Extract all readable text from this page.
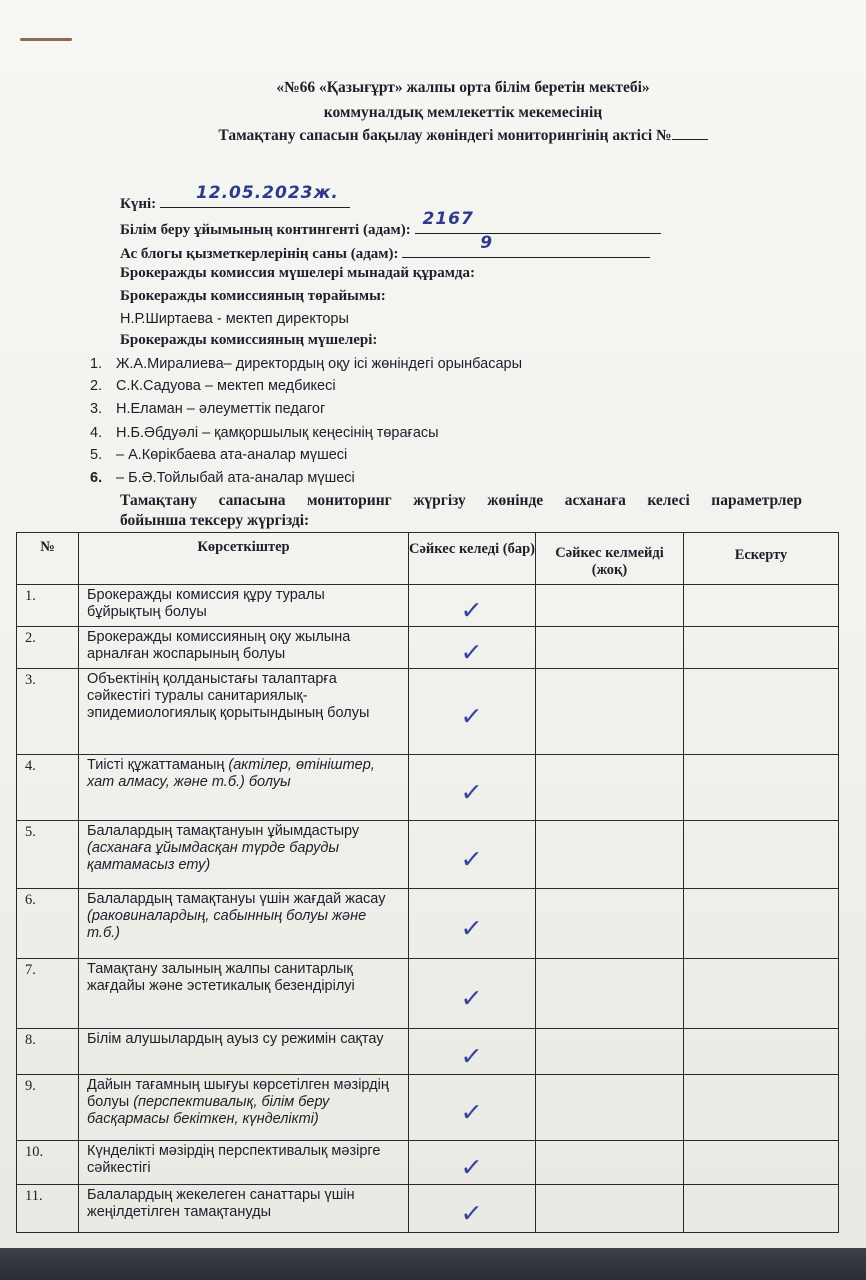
«№66 «Қазығұрт» жалпы орта білім беретін мектебі»
коммуналдық мемлекеттік мекемесінің
Тамақтану сапасын бақылау жөніндегі мониторингінің актісі №
Күні:
12.05.2023ж.
Білім беру ұйымының контингенті (адам):
2167
Ас блогы қызметкерлерінің саны (адам):
9
Брокеражды комиссия мүшелері мынадай құрамда:
Брокеражды комиссияның төрайымы:
Н.Р.Ширтаева - мектеп директоры
Брокеражды комиссияның мүшелері:
1. Ж.А.Миралиева– директордың оқу ісі жөніндегі орынбасары
2. С.К.Садуова – мектеп медбикесі
3. Н.Еламан – әлеуметтік педагог
4. Н.Б.Әбдуәлі – қамқоршылық кеңесінің төрағасы
5. – А.Көрікбаева ата-аналар мүшесі
6. – Б.Ә.Тойлыбай ата-аналар мүшесі
Тамақтану сапасына мониторинг жүргізу жөнінде асханаға келесі параметрлер
бойынша тексеру жүргізді:
№	Көрсеткіштер	Сәйкес келеді (бар)	Сәйкес келмейді (жоқ)	Ескерту
1.	Брокеражды комиссия құру туралы бұйрықтың болуы	✓		
2.	Брокеражды комиссияның оқу жылына арналған жоспарының болуы	✓		
3.	Объектінің қолданыстағы талаптарға сәйкестігі туралы санитариялық-эпидемиологиялық қорытындының болуы	✓		
4.	Тиісті құжаттаманың (актілер, өтініштер, хат алмасу, және т.б.) болуы	✓		
5.	Балалардың тамақтануын ұйымдастыру (асханаға ұйымдасқан түрде баруды қамтамасыз ету)	✓		
6.	Балалардың тамақтануы үшін жағдай жасау (раковиналардың, сабынның болуы және т.б.)	✓		
7.	Тамақтану залының жалпы санитарлық жағдайы және эстетикалық безендірілуі	✓		
8.	Білім алушылардың ауыз су режимін сақтау	✓		
9.	Дайын тағамның шығуы көрсетілген мәзірдің болуы (перспективалық, білім беру басқармасы бекіткен, күнделікті)	✓		
10.	Күнделікті мәзірдің перспективалық мәзірге сәйкестігі	✓		
11.	Балалардың жекелеген санаттары үшін жеңілдетілген тамақтануды	✓		
